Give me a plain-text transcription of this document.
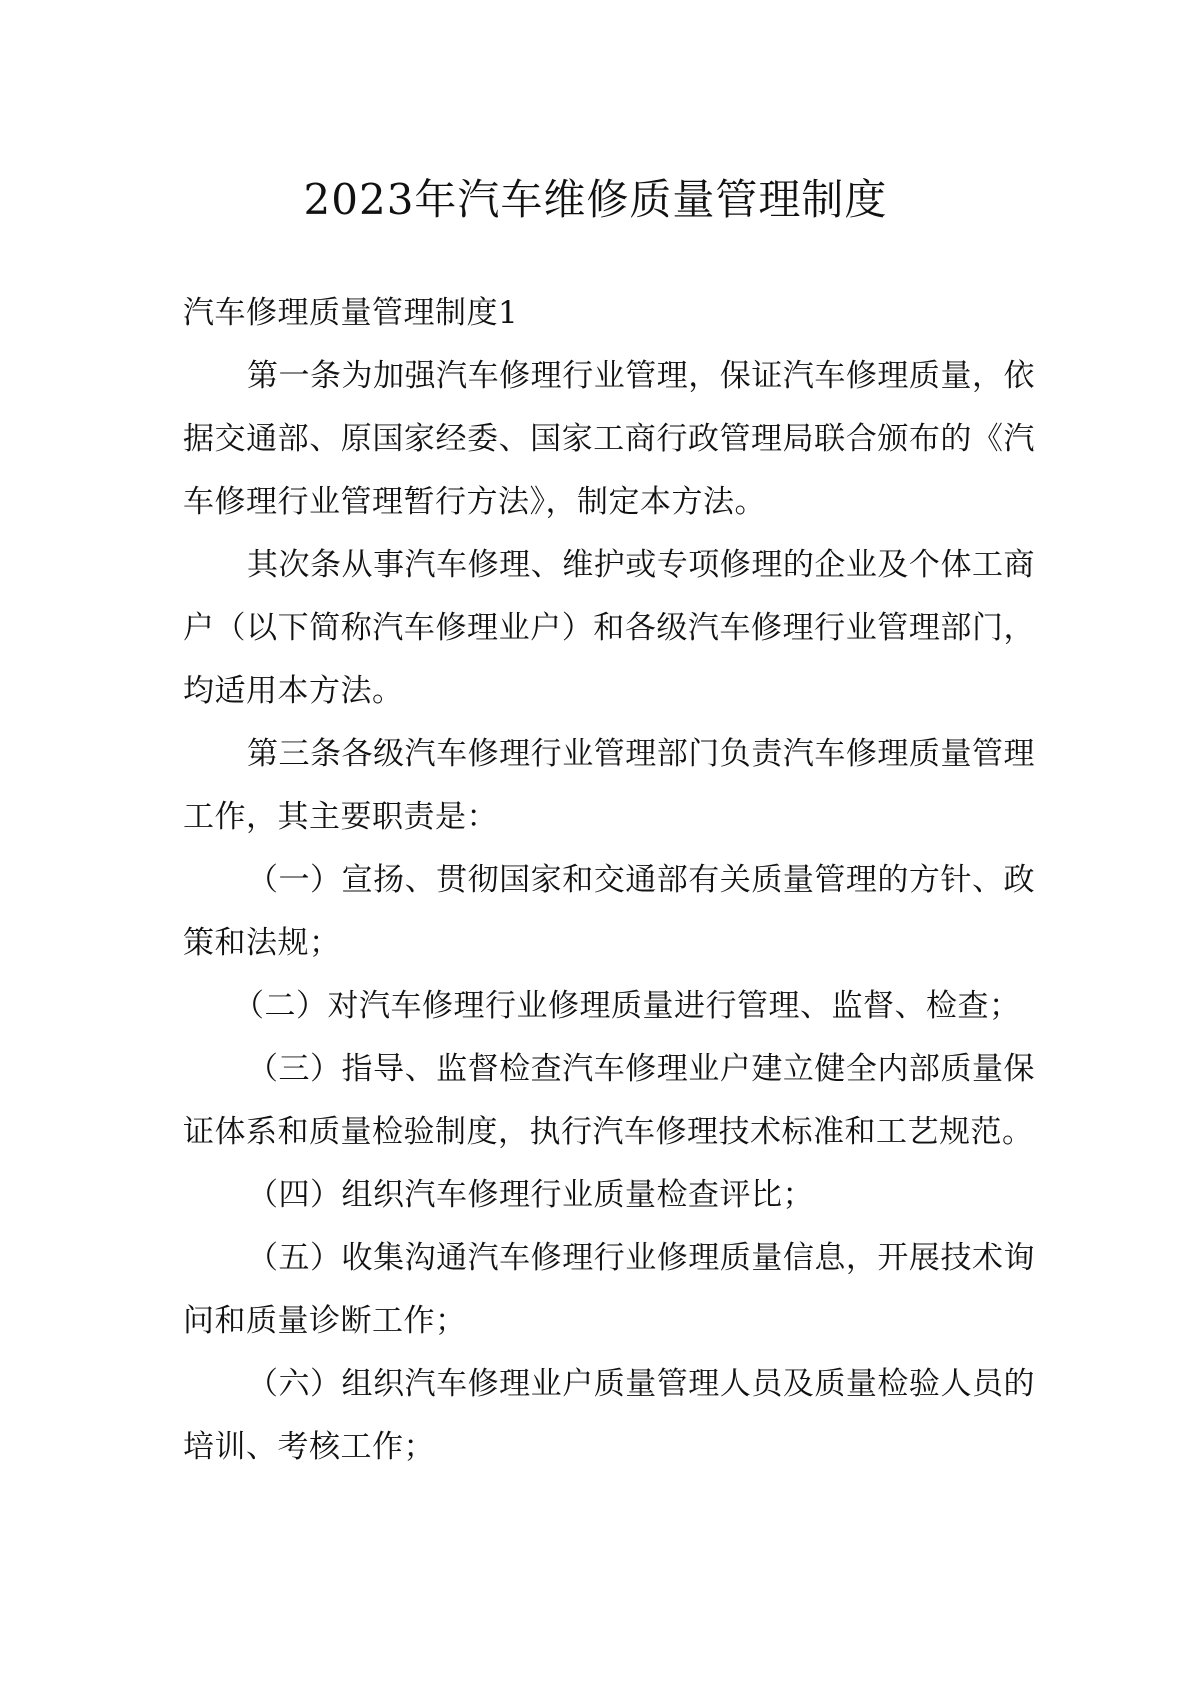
2023年汽车维修质量管理制度

汽车修理质量管理制度1

第一条为加强汽车修理行业管理，保证汽车修理质量，依据交通部、原国家经委、国家工商行政管理局联合颁布的《汽车修理行业管理暂行方法》，制定本方法。

其次条从事汽车修理、维护或专项修理的企业及个体工商户（以下简称汽车修理业户）和各级汽车修理行业管理部门，均适用本方法。

第三条各级汽车修理行业管理部门负责汽车修理质量管理工作，其主要职责是：

（一）宣扬、贯彻国家和交通部有关质量管理的方针、政策和法规；

（二）对汽车修理行业修理质量进行管理、监督、检查；

（三）指导、监督检查汽车修理业户建立健全内部质量保证体系和质量检验制度，执行汽车修理技术标准和工艺规范。

（四）组织汽车修理行业质量检查评比；

（五）收集沟通汽车修理行业修理质量信息，开展技术询问和质量诊断工作；

（六）组织汽车修理业户质量管理人员及质量检验人员的培训、考核工作；
